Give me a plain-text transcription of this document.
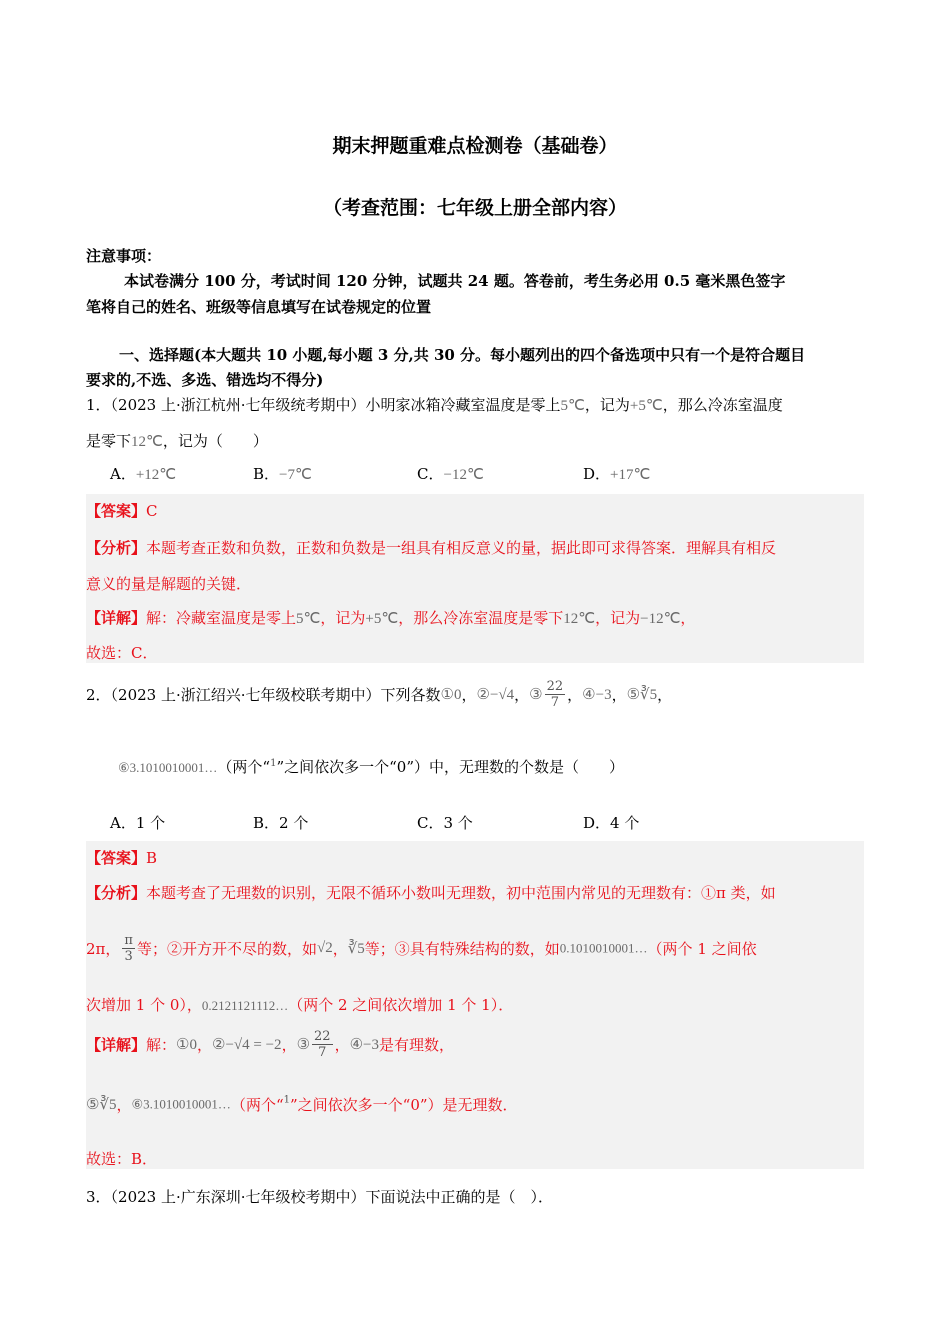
期末押题重难点检测卷（基础卷）
（考查范围：七年级上册全部内容）
注意事项：
本试卷满分 100 分，考试时间 120 分钟，试题共 24 题。答卷前，考生务必用 0.5 毫米黑色签字
笔将自己的姓名、班级等信息填写在试卷规定的位置
一、选择题(本大题共 10 小题,每小题 3 分,共 30 分。每小题列出的四个备选项中只有一个是符合题目
要求的,不选、多选、错选均不得分)
1．（2023 上·浙江杭州·七年级统考期中）小明家冰箱冷藏室温度是零上5℃，记为+5℃，那么冷冻室温度
是零下12℃，记为（　　）
A．+12℃	B．−7℃	C．−12℃	D．+17℃
【答案】C
【分析】本题考查正数和负数，正数和负数是一组具有相反意义的量，据此即可求得答案．理解具有相反
意义的量是解题的关键．
【详解】解：冷藏室温度是零上5℃，记为+5℃，那么冷冻室温度是零下12℃，记为−12℃，
故选：C．
2．（2023 上·浙江绍兴·七年级校联考期中）下列各数①0，②−√4，③ $\frac{22}{7}$ ，④−3，⑤∛5，
⑥3.1010010001…（两个“$^1$”之间依次多一个“0”）中，无理数的个数是（　　）
A．1 个	B．2 个	C．3 个	D．4 个
【答案】B
【分析】本题考查了无理数的识别，无限不循环小数叫无理数，初中范围内常见的无理数有：①π 类，如
2π， $\frac{\pi}{3}$ 等；②开方开不尽的数，如√2，∛5等；③具有特殊结构的数，如0.1010010001…（两个 1 之间依
次增加 1 个 0），0.2121121112…（两个 2 之间依次增加 1 个 1）．
【详解】解：①0，②−√4 = −2，③ $\frac{22}{7}$ ，④−3是有理数，
⑤∛5，⑥3.1010010001…（两个“$^1$”之间依次多一个“0”）是无理数．
故选：B．
3．（2023 上·广东深圳·七年级校考期中）下面说法中正确的是（　）．
